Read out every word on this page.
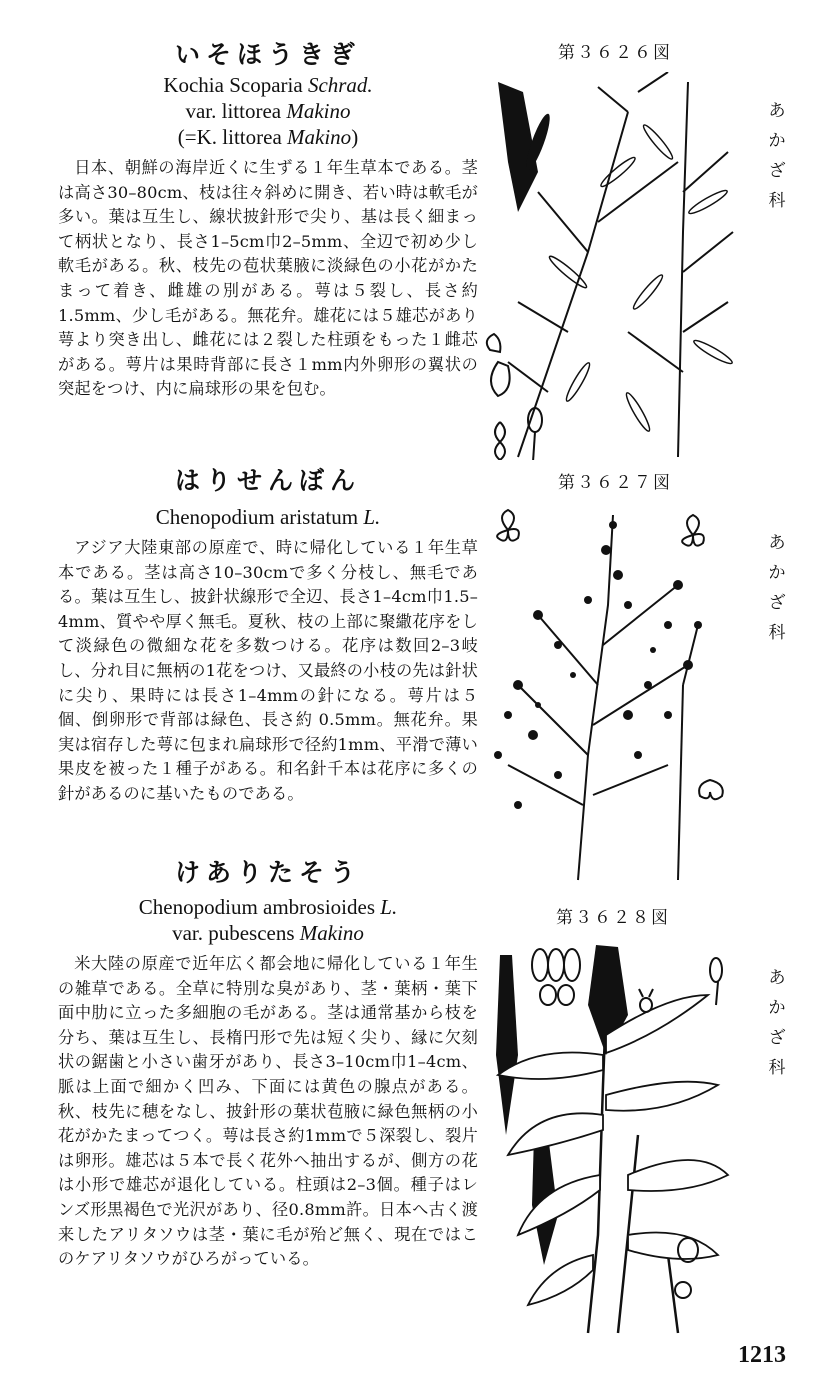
いそほうきぎ

Kochia Scoparia Schrad.

var. littorea Makino

(=K. littorea Makino)

日本、朝鮮の海岸近くに生ずる１年生草本である。茎は高さ30–80cm、枝は往々斜めに開き、若い時は軟毛が多い。葉は互生し、線状披針形で尖り、基は長く細まって柄状となり、長さ1–5cm巾2–5mm、全辺で初め少し軟毛がある。秋、枝先の苞状葉腋に淡緑色の小花がかたまって着き、雌雄の別がある。萼は５裂し、長さ約1.5mm、少し毛がある。無花弁。雄花には５雄芯があり萼より突き出し、雌花には２裂した柱頭をもった１雌芯がある。萼片は果時背部に長さ１mm内外卵形の翼状の突起をつけ、内に扁球形の果を包む。

第３６２６図
あかざ科
はりせんぼん

Chenopodium aristatum L.

アジア大陸東部の原産で、時に帰化している１年生草本である。茎は高さ10–30cmで多く分枝し、無毛である。葉は互生し、披針状線形で全辺、長さ1–4cm巾1.5–4mm、質やや厚く無毛。夏秋、枝の上部に聚繖花序をして淡緑色の微細な花を多数つける。花序は数回2–3岐し、分れ目に無柄の1花をつけ、又最終の小枝の先は針状に尖り、果時には長さ1–4mmの針になる。萼片は５個、倒卵形で背部は緑色、長さ約 0.5mm。無花弁。果実は宿存した萼に包まれ扁球形で径約1mm、平滑で薄い果皮を被った１種子がある。和名針千本は花序に多くの針があるのに基いたものである。

第３６２７図
あかざ科
けありたそう

Chenopodium ambrosioides L.

var. pubescens Makino

米大陸の原産で近年広く都会地に帰化している１年生の雑草である。全草に特別な臭があり、茎・葉柄・葉下面中肋に立った多細胞の毛がある。茎は通常基から枝を分ち、葉は互生し、長楕円形で先は短く尖り、縁に欠刻状の鋸歯と小さい歯牙があり、長さ3–10cm巾1–4cm、脈は上面で細かく凹み、下面には黄色の腺点がある。秋、枝先に穂をなし、披針形の葉状苞腋に緑色無柄の小花がかたまってつく。萼は長さ約1mmで５深裂し、裂片は卵形。雄芯は５本で長く花外へ抽出するが、側方の花は小形で雄芯が退化している。柱頭は2–3個。種子はレンズ形黒褐色で光沢があり、径0.8mm許。日本へ古く渡来したアリタソウは茎・葉に毛が殆ど無く、現在ではこのケアリタソウがひろがっている。

第３６２８図
あかざ科
1213
